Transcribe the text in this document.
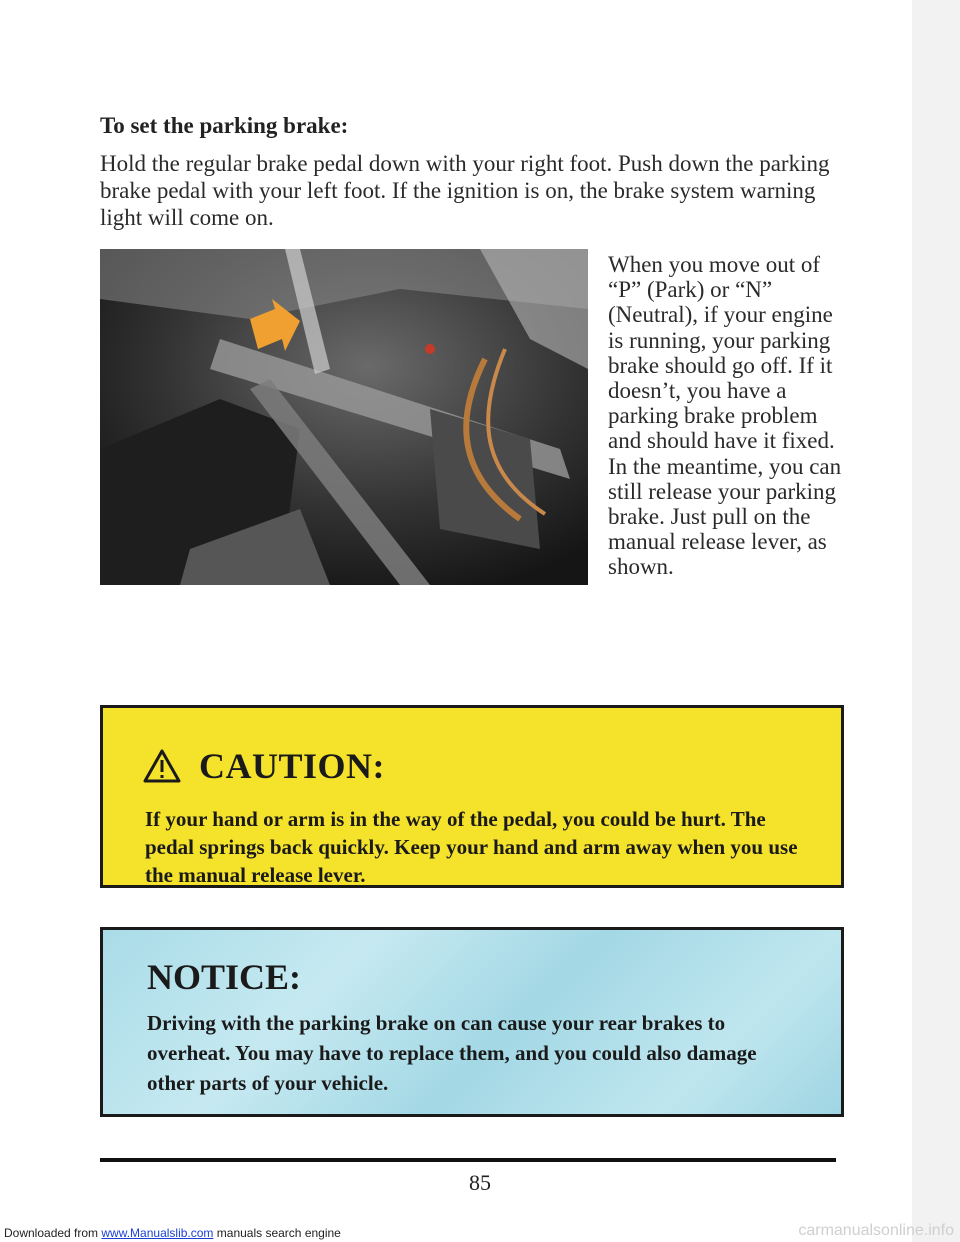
To set the parking brake:
Hold the regular brake pedal down with your right foot. Push down the parking brake pedal with your left foot. If the ignition is on, the brake system warning light will come on.
When you move out of “P” (Park) or “N” (Neutral), if your engine is running, your parking brake should go off. If it doesn’t, you have a parking brake problem and should have it fixed. In the meantime, you can still release your parking brake. Just pull on the manual release lever, as shown.
CAUTION:
If your hand or arm is in the way of the pedal, you could be hurt. The pedal springs back quickly. Keep your hand and arm away when you use the manual release lever.
NOTICE:
Driving with the parking brake on can cause your rear brakes to overheat. You may have to replace them, and you could also damage other parts of your vehicle.
85
Downloaded from www.Manualslib.com manuals search engine	carmanualsonline.info
